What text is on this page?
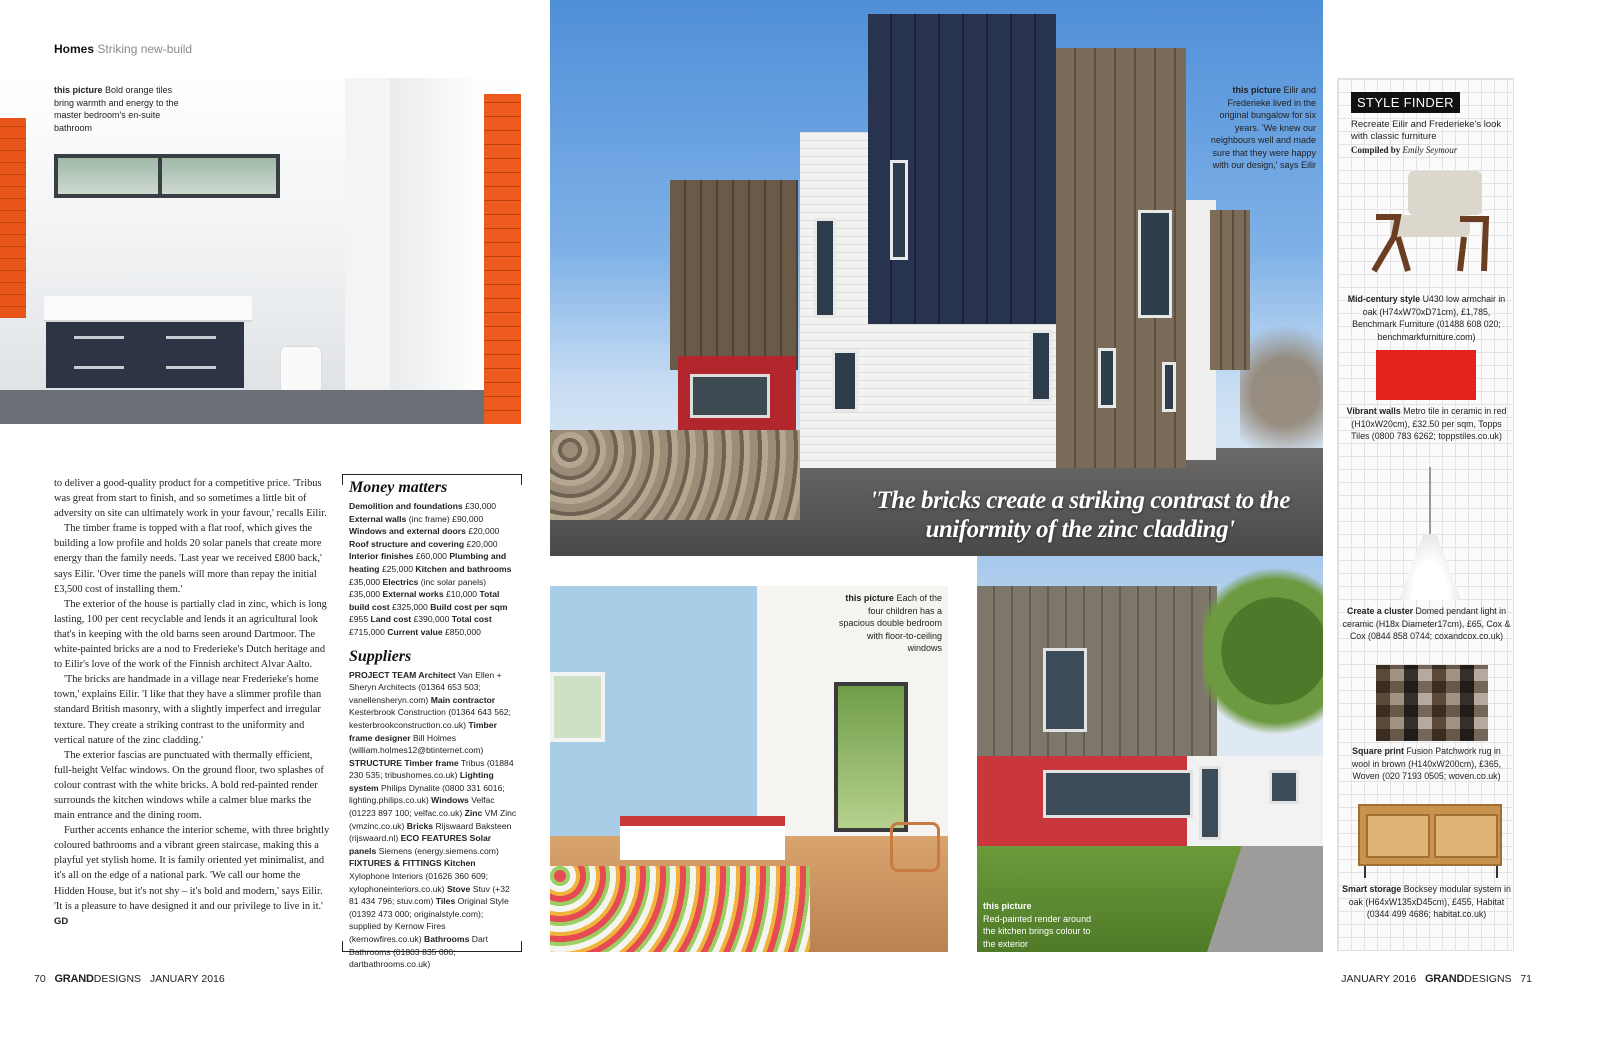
Homes Striking new-build
this picture Bold orange tiles bring warmth and energy to the master bedroom's en-suite bathroom
this picture Eilir and Frederieke lived in the original bungalow for six years. 'We knew our neighbours well and made sure that they were happy with our design,' says Eilir
'The bricks create a striking contrast to the uniformity of the zinc cladding'
this picture Each of the four children has a spacious double bedroom with floor-to-ceiling windows
this picture
Red-painted render around the kitchen brings colour to the exterior

to deliver a good-quality product for a competitive price. 'Tribus was great from start to finish, and so sometimes a little bit of adversity on site can ultimately work in your favour,' recalls Eilir.

The timber frame is topped with a flat roof, which gives the building a low profile and holds 20 solar panels that create more energy than the family needs. 'Last year we received £800 back,' says Eilir. 'Over time the panels will more than repay the initial £3,500 cost of installing them.'

The exterior of the house is partially clad in zinc, which is long lasting, 100 per cent recyclable and lends it an agricultural look that's in keeping with the old barns seen around Dartmoor. The white-painted bricks are a nod to Frederieke's Dutch heritage and to Eilir's love of the work of the Finnish architect Alvar Aalto.

'The bricks are handmade in a village near Frederieke's home town,' explains Eilir. 'I like that they have a slimmer profile than standard British masonry, with a slightly imperfect and irregular texture. They create a striking contrast to the uniformity and vertical nature of the zinc cladding.'

The exterior fascias are punctuated with thermally efficient, full-height Velfac windows. On the ground floor, two splashes of colour contrast with the white bricks. A bold red-painted render surrounds the kitchen windows while a calmer blue marks the main entrance and the dining room.

Further accents enhance the interior scheme, with three brightly coloured bathrooms and a vibrant green staircase, making this a playful yet stylish home. It is family oriented yet minimalist, and it's all on the edge of a national park. 'We call our home the Hidden House, but it's not shy – it's bold and modern,' says Eilir. 'It is a pleasure to have designed it and our privilege to live in it.' GD

Money matters
Demolition and foundations £30,000 External walls (inc frame) £90,000 Windows and external doors £20,000 Roof structure and covering £20,000 Interior finishes £60,000 Plumbing and heating £25,000 Kitchen and bathrooms £35,000 Electrics (inc solar panels) £35,000 External works £10,000 Total build cost £325,000 Build cost per sqm £955 Land cost £390,000 Total cost £715,000 Current value £850,000
Suppliers
PROJECT TEAM Architect Van Ellen + Sheryn Architects (01364 653 503; vanellensheryn.com) Main contractor Kesterbrook Construction (01364 643 562; kesterbrookconstruction.co.uk) Timber frame designer Bill Holmes (william.holmes12@btinternet.com) STRUCTURE Timber frame Tribus (01884 230 535; tribushomes.co.uk) Lighting system Philips Dynalite (0800 331 6016; lighting.philips.co.uk) Windows Velfac (01223 897 100; velfac.co.uk) Zinc VM Zinc (vmzinc.co.uk) Bricks Rijswaard Baksteen (rijswaard.nl) ECO FEATURES Solar panels Siemens (energy.siemens.com) FIXTURES & FITTINGS Kitchen Xylophone Interiors (01626 360 609; xylophoneinteriors.co.uk) Stove Stuv (+32 81 434 796; stuv.com) Tiles Original Style (01392 473 000; originalstyle.com); supplied by Kernow Fires (kernowfires.co.uk) Bathrooms Dart Bathrooms (01803 835 000; dartbathrooms.co.uk)
STYLE FINDER
Recreate Eilir and Frederieke's look with classic furniture
Compiled by Emily Seymour
Mid-century style U430 low armchair in oak (H74xW70xD71cm), £1,785, Benchmark Furniture (01488 608 020; benchmarkfurniture.com)
Vibrant walls Metro tile in ceramic in red (H10xW20cm), £32.50 per sqm, Topps Tiles (0800 783 6262; toppstiles.co.uk)
Create a cluster Domed pendant light in ceramic (H18x Diameter17cm), £65, Cox & Cox (0844 858 0744; coxandcox.co.uk)
Square print Fusion Patchwork rug in wool in brown (H140xW200cm), £365, Woven (020 7193 0505; woven.co.uk)
Smart storage Bocksey modular system in oak (H64xW135xD45cm), £455, Habitat (0344 499 4686; habitat.co.uk)
70 GRANDDESIGNS JANUARY 2016	JANUARY 2016 GRANDDESIGNS 71
